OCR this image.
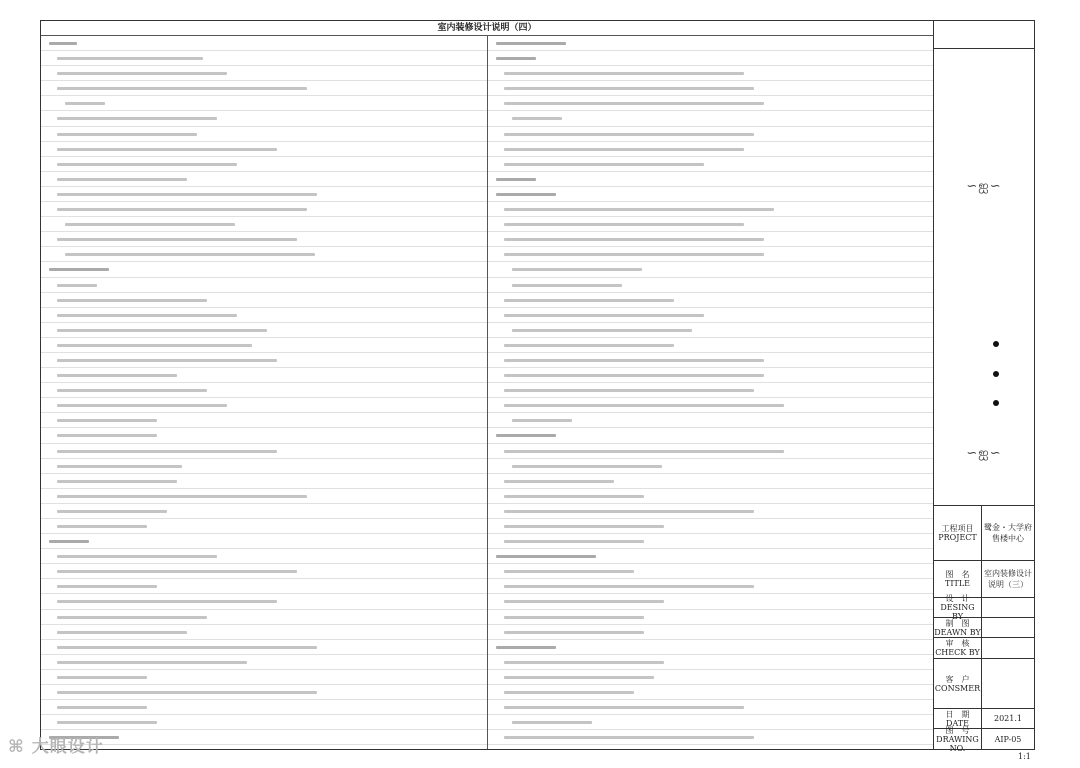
室内装修设计说明（四）
∽ஐ∽
∽ஐ∽
工程项目
PROJECT
鹭金・大学府售楼中心
图　名
TITLE
室内装修设计说明（三）
设　计
DESING BY
制　图
DEAWN BY
审　核
CHECK BY
客　户
CONSMER
日　期
DATE	2021.1
图　号
DRAWING NO.
AIP-05
1:1
⌘ 大眼设计
